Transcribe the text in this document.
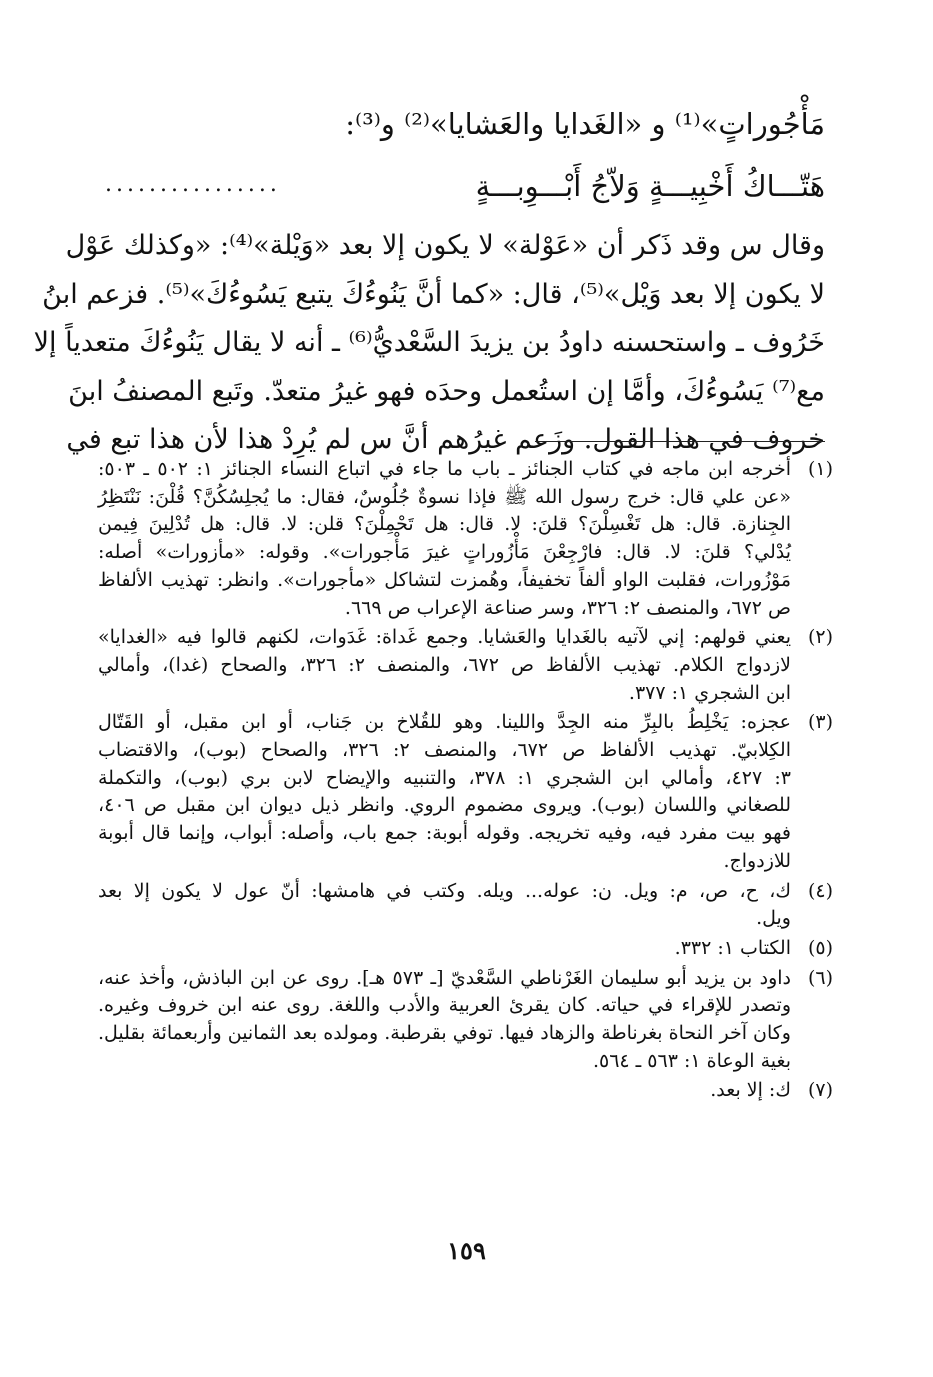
مَأْجُوراتٍ»⁽¹⁾ و «الغَدايا والعَشايا»⁽²⁾ و⁽³⁾:
هَتّـــاكُ أَخْبِيـــةٍ وَلاّجُ أَبْـــوِبـــةٍ
................
وقال س وقد ذَكر أن «عَوْلة» لا يكون إلا بعد «وَيْلة»⁽⁴⁾: «وكذلك عَوْل
لا يكون إلا بعد وَيْل»⁽⁵⁾، قال: «كما أنَّ يَنُوءُكَ يتبع يَسُوءُكَ»⁽⁵⁾. فزعم ابنُ
خَرُوف ـ واستحسنه داودُ بن يزيدَ السَّعْديُّ⁽⁶⁾ ـ أنه لا يقال يَنُوءُكَ متعدياً إلا
مع⁽⁷⁾ يَسُوءُكَ، وأمَّا إن استُعمل وحدَه فهو غيرُ متعدّ. وتَبع المصنفُ ابنَ
خروف في هذا القول. وزَعم غيرُهم أنَّ س لم يُرِدْ هذا لأن هذا تبع في
(١)
أخرجه ابن ماجه في كتاب الجنائز ـ باب ما جاء في اتباع النساء الجنائز ١: ٥٠٢ ـ ٥٠٣:
«عن علي قال: خرج رسول الله ﷺ فإذا نسوةٌ جُلُوسٌ، فقال: ما يُجلِسُكُنَّ؟ قُلْنَ: نَنْتَظِرُ
الجِنازة. قال: هل تَغْسِلْنَ؟ قلنَ: لا. قال: هل تَحْمِلْنَ؟ قلن: لا. قال: هل تُدْلِينَ فِيمن
يُدْلي؟ قلنَ: لا. قال: فارْجِعْنَ مَأْزُوراتٍ غيرَ مَأْجورات». وقوله: «مأزورات» أصله:
مَوْزُورات، فقلبت الواو ألفاً تخفيفاً، وهُمزت لتشاكل «مأجورات». وانظر: تهذيب الألفاظ
ص ٦٧٢، والمنصف ٢: ٣٢٦، وسر صناعة الإعراب ص ٦٦٩.
(٢)
يعني قولهم: إني لآتيه بالغَدايا والعَشايا. وجمع غَداة: غَدَوات، لكنهم قالوا فيه «الغدايا»
لازدواج الكلام. تهذيب الألفاظ ص ٦٧٢، والمنصف ٢: ٣٢٦، والصحاح (غدا)، وأمالي
ابن الشجري ١: ٣٧٧.
(٣)
عجزه: يَخْلِطُ بالبِرِّ منه الجِدَّ واللينا. وهو للقُلاخ بن جَناب، أو ابن مقبل، أو القَتّال
الكِلابيّ. تهذيب الألفاظ ص ٦٧٢، والمنصف ٢: ٣٢٦، والصحاح (بوب)، والاقتضاب
٣: ٤٢٧، وأمالي ابن الشجري ١: ٣٧٨، والتنبيه والإيضاح لابن بري (بوب)، والتكملة
للصغاني واللسان (بوب). ويروى مضموم الروي. وانظر ذيل ديوان ابن مقبل ص ٤٠٦،
فهو بيت مفرد فيه، وفيه تخريجه. وقوله أبوبة: جمع باب، وأصله: أبواب، وإنما قال أبوبة
للازدواج.
(٤)
ك، ح، ص، م: ويل. ن: عوله... ويله. وكتب في هامشها: أنّ عول لا يكون إلا بعد
ويل.
(٥)
الكتاب ١: ٣٣٢.
(٦)
داود بن يزيد أبو سليمان الغَرْناطي السَّعْديّ [ـ ٥٧٣ هـ]. روى عن ابن الباذش، وأخذ عنه،
وتصدر للإقراء في حياته. كان يقرئ العربية والأدب واللغة. روى عنه ابن خروف وغيره.
وكان آخر النحاة بغرناطة والزهاد فيها. توفي بقرطبة. ومولده بعد الثمانين وأربعمائة بقليل.
بغية الوعاة ١: ٥٦٣ ـ ٥٦٤.
(٧)
ك: إلا بعد.
١٥٩
